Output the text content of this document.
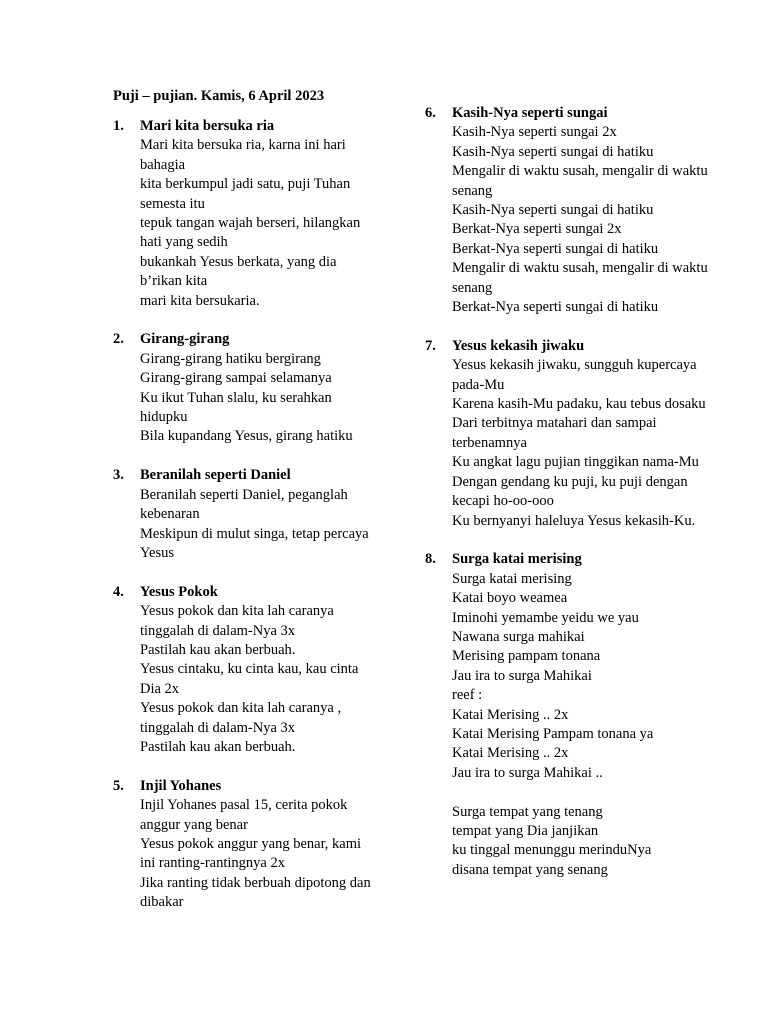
Puji – pujian. Kamis, 6 April 2023
1. Mari kita bersuka ria
Mari kita bersuka ria, karna ini hari bahagia
kita berkumpul jadi satu, puji Tuhan semesta itu
tepuk tangan wajah berseri, hilangkan hati yang sedih
bukankah Yesus berkata, yang dia b’rikan kita
mari kita bersukaria.
2. Girang-girang
Girang-girang hatiku bergirang
Girang-girang sampai selamanya
Ku ikut Tuhan slalu, ku serahkan hidupku
Bila kupandang Yesus, girang hatiku
3. Beranilah seperti Daniel
Beranilah seperti Daniel, peganglah kebenaran
Meskipun di mulut singa, tetap percaya Yesus
4. Yesus Pokok
Yesus pokok dan kita lah caranya tinggalah di dalam-Nya 3x
Pastilah kau akan berbuah.
Yesus cintaku, ku cinta kau, kau cinta Dia 2x
Yesus pokok dan kita lah caranya , tinggalah di dalam-Nya 3x
Pastilah kau akan berbuah.
5. Injil Yohanes
Injil Yohanes pasal 15, cerita pokok anggur yang benar
Yesus pokok anggur yang benar, kami ini ranting-rantingnya 2x
Jika ranting tidak berbuah dipotong dan dibakar
6. Kasih-Nya seperti sungai
Kasih-Nya seperti sungai 2x
Kasih-Nya seperti sungai di hatiku
Mengalir di waktu susah, mengalir di waktu senang
Kasih-Nya seperti sungai di hatiku
Berkat-Nya seperti sungai 2x
Berkat-Nya seperti sungai di hatiku
Mengalir di waktu susah, mengalir di waktu senang
Berkat-Nya seperti sungai di hatiku
7. Yesus kekasih jiwaku
Yesus kekasih jiwaku, sungguh kupercaya pada-Mu
Karena kasih-Mu padaku, kau tebus dosaku
Dari terbitnya matahari dan sampai terbenamnya
Ku angkat lagu pujian tinggikan nama-Mu
Dengan gendang ku puji, ku puji dengan kecapi ho-oo-ooo
Ku bernyanyi haleluya Yesus kekasih-Ku.
8. Surga katai merising
Surga katai merising
Katai boyo weamea
Iminohi yemambe yeidu we yau
Nawana surga mahikai
Merising pampam tonana
Jau ira to surga Mahikai
reef :
Katai Merising .. 2x
Katai Merising Pampam tonana ya
Katai Merising .. 2x
Jau ira to surga Mahikai ..
Surga tempat yang tenang
tempat yang Dia janjikan
ku tinggal menunggu merinduNya
disana tempat yang senang
